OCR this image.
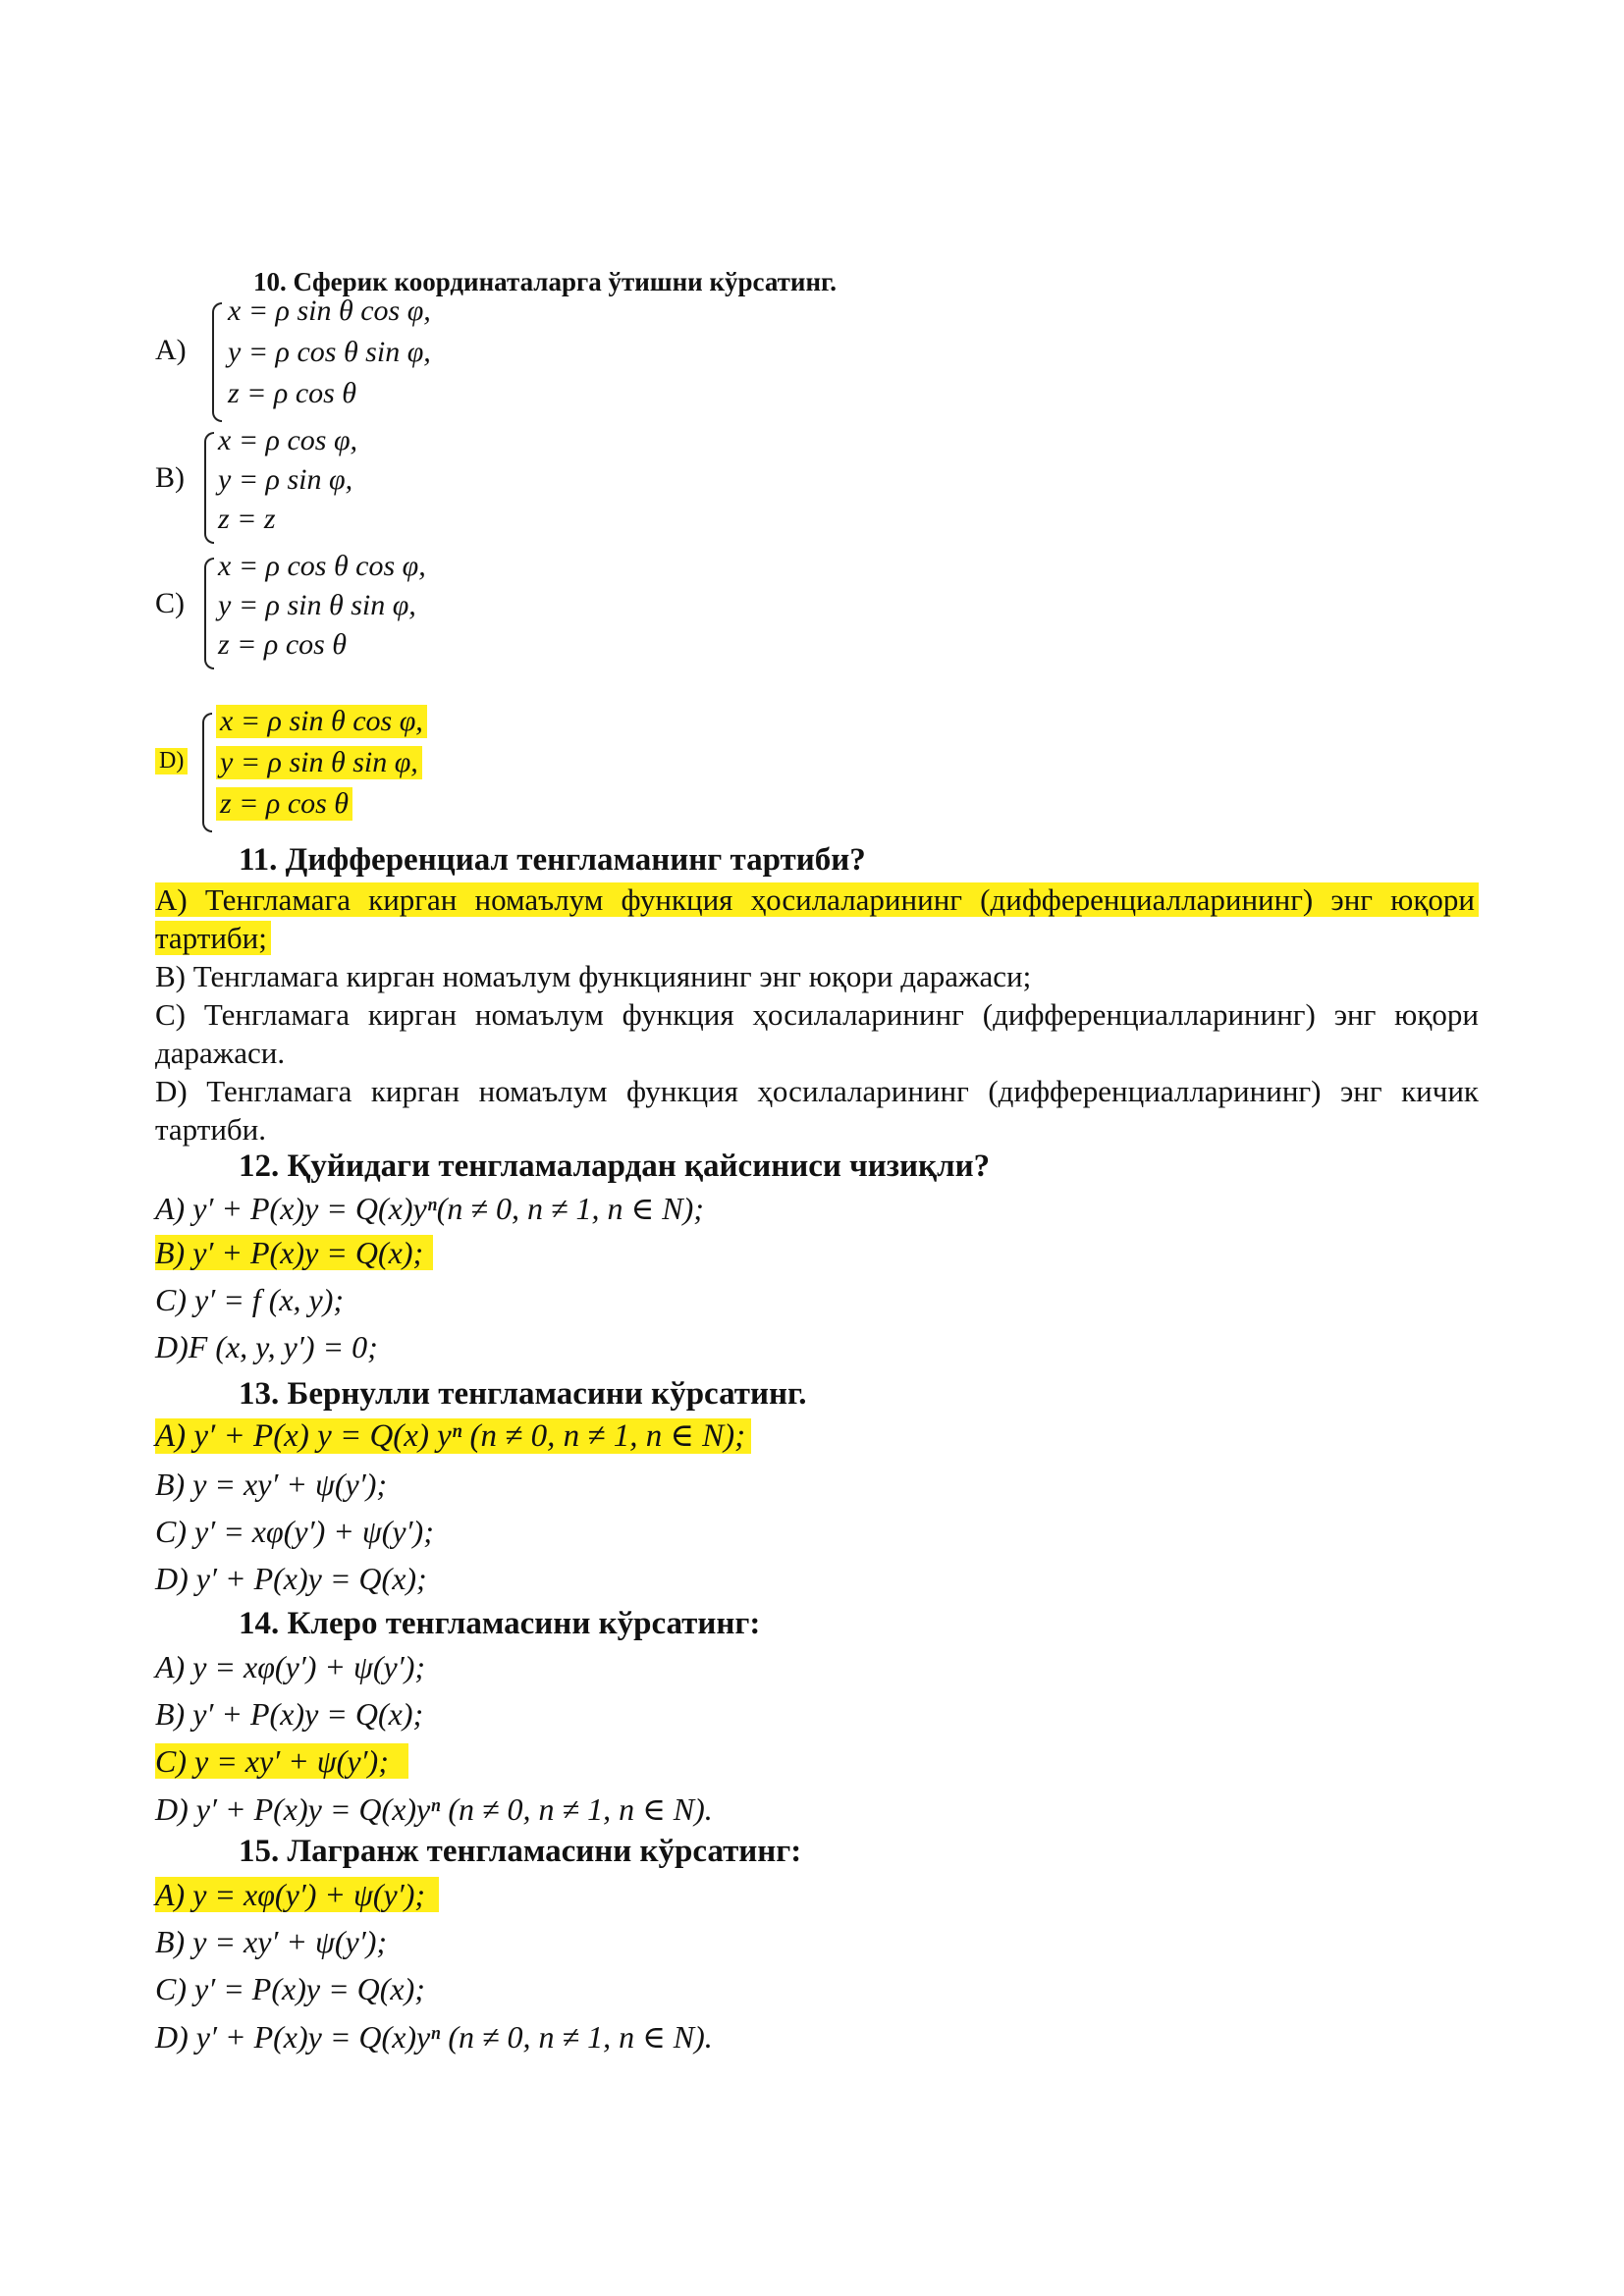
10. Сферик координаталарга ўтишни кўрсатинг.
A)
x = ρ sin θ cos φ,
y = ρ cos θ sin φ,
z = ρ cos θ
B)
x = ρ cos φ,
y = ρ sin φ,
z = z
C)
x = ρ cos θ cos φ,
y = ρ sin θ sin φ,
z = ρ cos θ
D)
x = ρ sin θ cos φ,
y = ρ sin θ sin φ,
z = ρ cos θ
11. Дифференциал тенгламанинг тартиби?
A) Тенгламага кирган номаълум функция ҳосилаларининг (дифференциалларининг) энг юқори тартиби;
B) Тенгламага кирган номаълум функциянинг энг юқори даражаси;
C) Тенгламага кирган номаълум функция ҳосилаларининг (дифференциалларининг) энг юқори даражаси.
D) Тенгламага кирган номаълум функция ҳосилаларининг (дифференциалларининг) энг кичик тартиби.
12. Қуйидаги тенгламалардан қайсиниси чизиқли?
A) y′ + P(x)y = Q(x)yⁿ(n ≠ 0, n ≠ 1, n ∈ N);
B) y′ + P(x)y = Q(x);
C) y′ = f (x, y);
D)F (x, y, y′) = 0;
13. Бернулли тенгламасини кўрсатинг.
A) y′ + P(x) y = Q(x) yⁿ (n ≠ 0, n ≠ 1, n ∈ N);
B) y = xy′ + ψ(y′);
C) y′ = xφ(y′) + ψ(y′);
D) y′ + P(x)y = Q(x);
14. Клеро тенгламасини кўрсатинг:
A) y = xφ(y′) + ψ(y′);
B) y′ + P(x)y = Q(x);
C) y = xy′ + ψ(y′);
D) y′ + P(x)y = Q(x)yⁿ (n ≠ 0, n ≠ 1, n ∈ N).
15. Лагранж тенгламасини кўрсатинг:
A) y = xφ(y′) + ψ(y′);
B) y = xy′ + ψ(y′);
C) y′ = P(x)y = Q(x);
D) y′ + P(x)y = Q(x)yⁿ (n ≠ 0, n ≠ 1, n ∈ N).
